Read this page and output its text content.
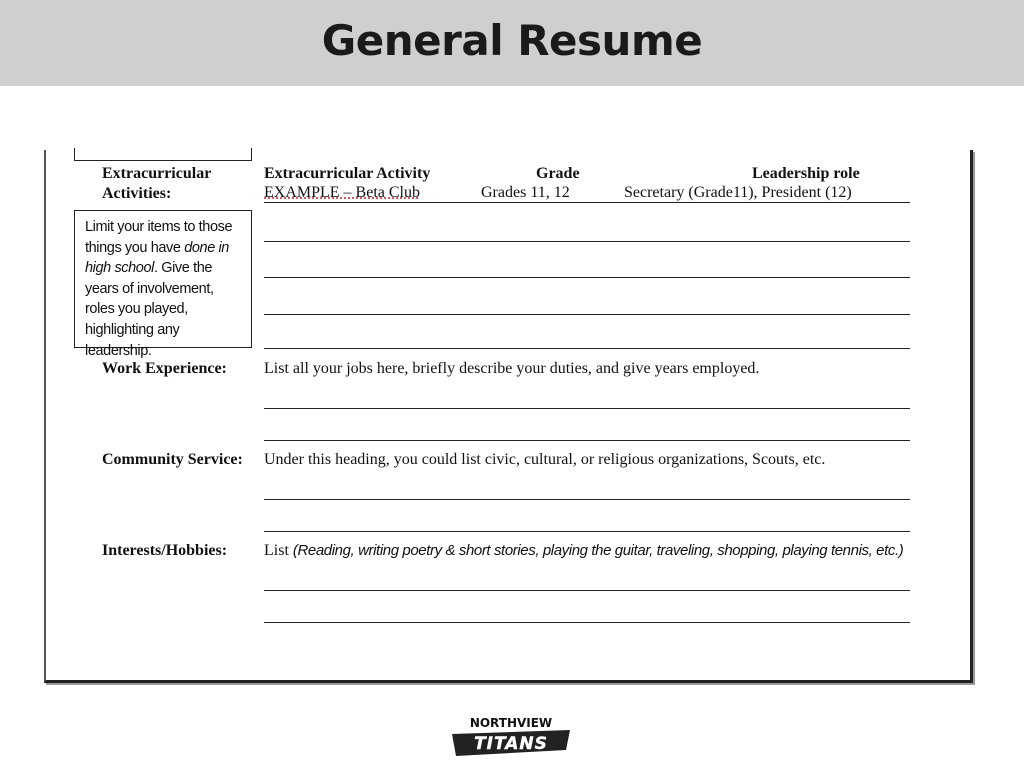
General Resume
Extracurricular
Activities:
Extracurricular Activity	Grade	Leadership role
EXAMPLE – Beta Club	Grades 11, 12	Secretary (Grade11), President (12)
Limit your items to those things you have done in high school. Give the years of involvement, roles you played, highlighting any leadership.
Work Experience: List all your jobs here, briefly describe your duties, and give years employed.
Community Service: Under this heading, you could list civic, cultural, or religious organizations, Scouts, etc.
Interests/Hobbies: List (Reading, writing poetry & short stories, playing the guitar, traveling, shopping, playing tennis, etc.)
NORTHVIEW
TITANS
